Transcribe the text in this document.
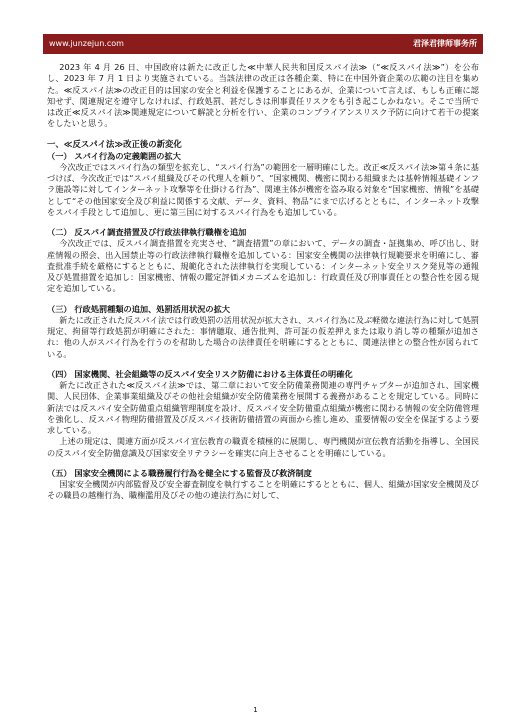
www.junzejun.com	君泽君律师事务所

2023 年 4 月 26 日、中国政府は新たに改正した≪中華人民共和国反スパイ法≫（“≪反スパイ法≫”）を公布し、2023 年 7 月 1 日より実施されている。当該法律の改正は各種企業、特に在中国外資企業の広範の注目を集めた。≪反スパイ法≫の改正目的は国家の安全と利益を保護することにあるが、企業について言えば、もしも正確に認知せず、関連規定を遵守しなければ、行政処罰、甚だしきは刑事責任リスクをも引き起こしかねない。そこで当所では改正≪反スパイ法≫関連規定について解読と分析を行い、企業のコンプライアンスリスク予防に向けて若干の提案をしたいと思う。

一、≪反スパイ法≫改正後の新変化

（一） スパイ行為の定義範囲の拡大

今次改正ではスパイ行為の類型を拡充し、“スパイ行為”の範囲を一層明確にした。改正≪反スパイ法≫第４条に基づけば、今次改正では“スパイ組織及びその代理人を頼り”、“国家機関、機密に関わる組織または基幹情報基礎インフラ施設等に対してインターネット攻撃等を仕掛ける行為”、関連主体が機密を盗み取る対象を“国家機密、情報”を基礎として“その他国家安全及び利益に関係する文献、データ、資料、物品”にまで広げるとともに、インターネット攻撃をスパイ手段として追加し、更に第三国に対するスパイ行為をも追加している。

（二） 反スパイ調査措置及び行政法律執行職権を追加

今次改正では、反スパイ調査措置を充実させ、“調査措置”の章において、データの調査・証拠集め、呼び出し、財産情報の照会、出入国禁止等の行政法律執行職権を追加している：国家安全機関の法律執行規範要求を明確にし、審査批准手続を厳格にするとともに、規範化された法律執行を実現している：インターネット安全リスク発見等の通報及び処置措置を追加し：国家機密、情報の鑑定評価メカニズムを追加し：行政責任及び刑事責任との整合性を図る規定を追加している。

（三） 行政処罰種類の追加、処罰活用状況の拡大

新たに改正された反スパイ法では行政処罰の活用状況が拡大され、スパイ行為に及ぶ軽微な違法行為に対して処罰規定、拘留等行政処罰が明確にされた：事情聴取、通告批判、許可証の仮差押えまたは取り消し等の種類が追加され：他の人がスパイ行為を行うのを幇助した場合の法律責任を明確にするとともに、関連法律との整合性が図られている。

（四） 国家機関、社会組織等の反スパイ安全リスク防備における主体責任の明確化

新たに改正された≪反スパイ法≫では、第二章において安全防備業務関連の専門チャプターが追加され、国家機関、人民団体、企業事業組織及びその他社会組織が安全防備業務を展開する義務があることを規定している。同時に新法では反スパイ安全防備重点組織管理制度を設け、反スパイ安全防備重点組織が機密に関わる情報の安全防備管理を強化し、反スパイ物理防備措置及び反スパイ技術防備措置の両面から推し進め、重要情報の安全を保証するよう要求している。

上述の規定は、関連方面が反スパイ宣伝教育の職責を積極的に展開し、専門機関が宣伝教育活動を指導し、全国民の反スパイ安全防備意識及び国家安全リテラシーを確実に向上させることを明確にしている。

（五） 国家安全機関による職務履行行為を健全にする監督及び救済制度

国家安全機関が内部監督及び安全審査制度を執行することを明確にするとともに、個人、組織が国家安全機関及びその職員の越権行為、職権濫用及びその他の違法行為に対して、

1
